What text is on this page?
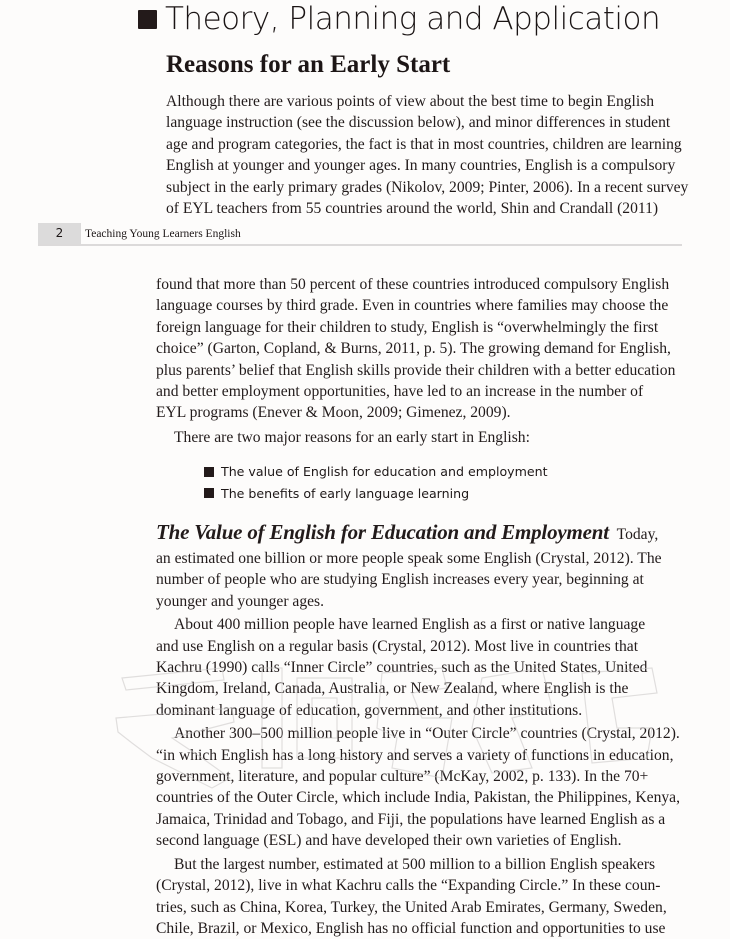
Theory, Planning and Application
Reasons for an Early Start
Although there are various points of view about the best time to begin English
language instruction (see the discussion below), and minor differences in student
age and program categories, the fact is that in most countries, children are learning
English at younger and younger ages. In many countries, English is a compulsory
subject in the early primary grades (Nikolov, 2009; Pinter, 2006). In a recent survey
of EYL teachers from 55 countries around the world, Shin and Crandall (2011)
2	Teaching Young Learners English
found that more than 50 percent of these countries introduced compulsory English
language courses by third grade. Even in countries where families may choose the
foreign language for their children to study, English is “overwhelmingly the first
choice” (Garton, Copland, & Burns, 2011, p. 5). The growing demand for English,
plus parents’ belief that English skills provide their children with a better education
and better employment opportunities, have led to an increase in the number of
EYL programs (Enever & Moon, 2009; Gimenez, 2009).
There are two major reasons for an early start in English:
The value of English for education and employment
The benefits of early language learning
The Value of English for Education and Employment Today,
an estimated one billion or more people speak some English (Crystal, 2012). The
number of people who are studying English increases every year, beginning at
younger and younger ages.
About 400 million people have learned English as a first or native language
and use English on a regular basis (Crystal, 2012). Most live in countries that
Kachru (1990) calls “Inner Circle” countries, such as the United States, United
Kingdom, Ireland, Canada, Australia, or New Zealand, where English is the
dominant language of education, government, and other institutions.
Another 300–500 million people live in “Outer Circle” countries (Crystal, 2012).
“in which English has a long history and serves a variety of functions in education,
government, literature, and popular culture” (McKay, 2002, p. 133). In the 70+
countries of the Outer Circle, which include India, Pakistan, the Philippines, Kenya,
Jamaica, Trinidad and Tobago, and Fiji, the populations have learned English as a
second language (ESL) and have developed their own varieties of English.
But the largest number, estimated at 500 million to a billion English speakers
(Crystal, 2012), live in what Kachru calls the “Expanding Circle.” In these coun-
tries, such as China, Korea, Turkey, the United Arab Emirates, Germany, Sweden,
Chile, Brazil, or Mexico, English has no official function and opportunities to use
